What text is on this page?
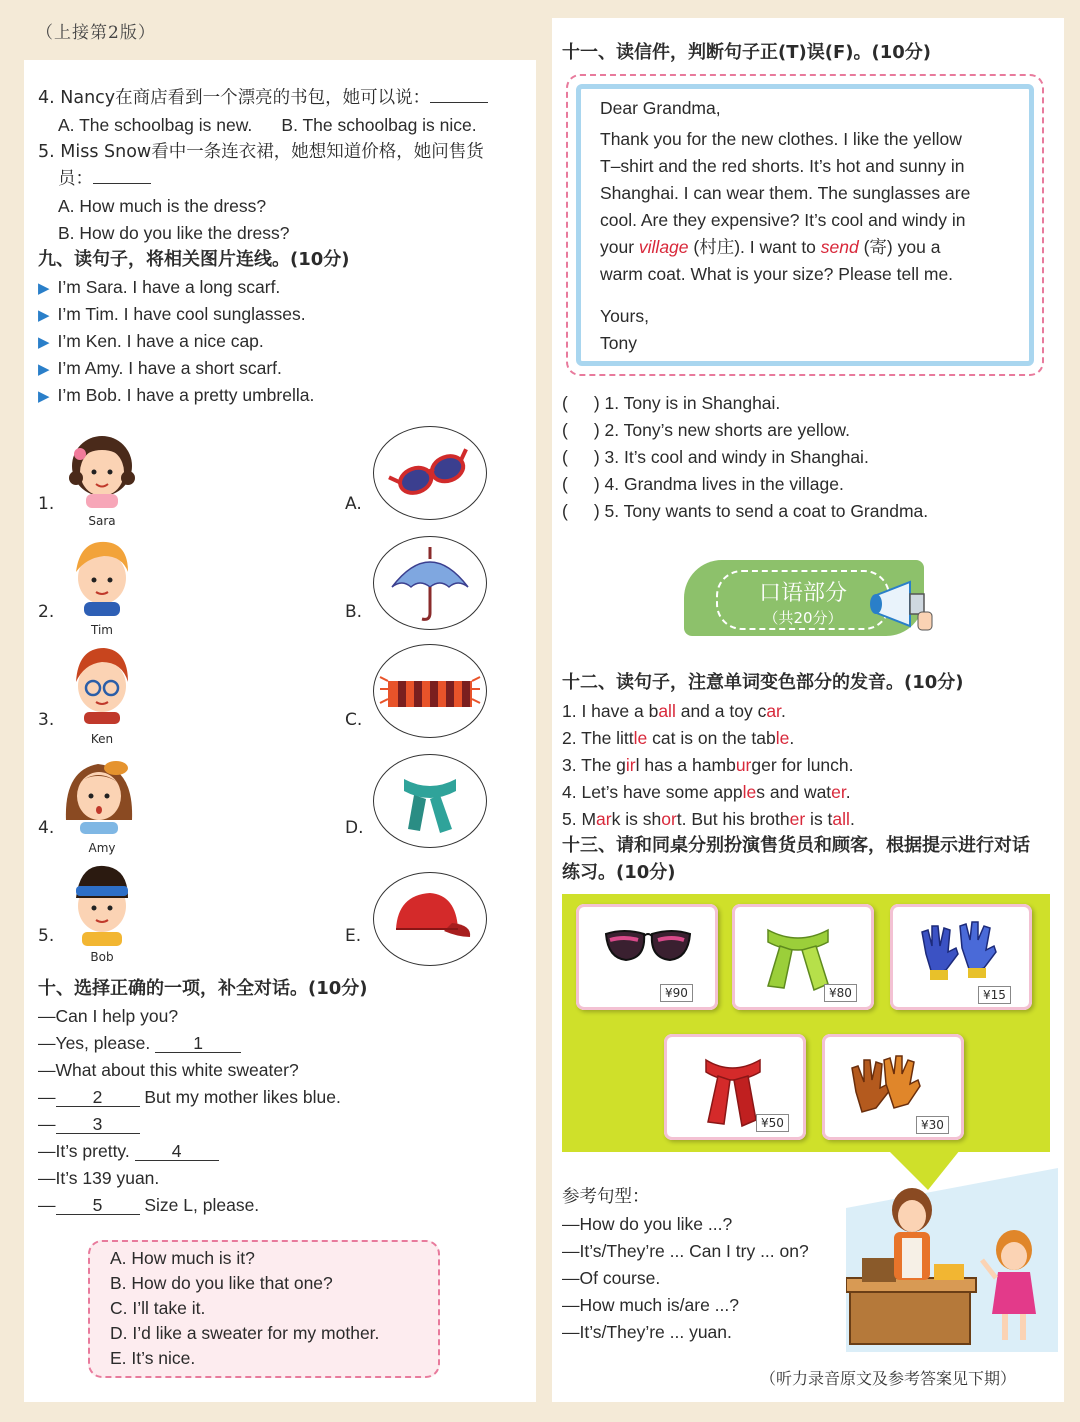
（上接第2版）
4. Nancy在商店看到一个漂亮的书包，她可以说：
A. The schoolbag is new.      B. The schoolbag is nice.
5. Miss Snow看中一条连衣裙，她想知道价格，她问售货
员：
A. How much is the dress?
B. How do you like the dress?
九、读句子，将相关图片连线。(10分)
▶ I’m Sara. I have a long scarf.
▶ I’m Tim. I have cool sunglasses.
▶ I’m Ken. I have a nice cap.
▶ I’m Amy. I have a short scarf.
▶ I’m Bob. I have a pretty umbrella.
1.
Sara
2.
Tim
3.
Ken
4.
Amy
5.
Bob
A.
B.
C.
D.
E.
十、选择正确的一项，补全对话。(10分)
—Can I help you?
—Yes, please. 1
—What about this white sweater?
— 2 But my mother likes blue.
— 3
—It’s pretty. 4
—It’s 139 yuan.
— 5 Size L, please.
A. How much is it?
B. How do you like that one?
C. I’ll take it.
D. I’d like a sweater for my mother.
E. It’s nice.
十一、读信件，判断句子正(T)误(F)。(10分)
Dear Grandma,
Thank you for the new clothes. I like the yellow
T–shirt and the red shorts. It’s hot and sunny in
Shanghai. I can wear them. The sunglasses are
cool. Are they expensive? It’s cool and windy in
your village (村庄). I want to send (寄) you a
warm coat. What is your size? Please tell me.
Yours,
Tony
( ) 1. Tony is in Shanghai.
( ) 2. Tony’s new shorts are yellow.
( ) 3. It’s cool and windy in Shanghai.
( ) 4. Grandma lives in the village.
( ) 5. Tony wants to send a coat to Grandma.
口语部分
（共20分）
十二、读句子，注意单词变色部分的发音。(10分)
1. I have a ball and a toy car.
2. The little cat is on the table.
3. The girl has a hamburger for lunch.
4. Let’s have some apples and water.
5. Mark is short. But his brother is tall.
十三、请和同桌分别扮演售货员和顾客，根据提示进行对话
练习。(10分)
¥90	¥80	¥15
¥50	¥30
参考句型：
—How do you like ...?
—It’s/They’re ... Can I try ... on?
—Of course.
—How much is/are ...?
—It’s/They’re ... yuan.
（听力录音原文及参考答案见下期）
